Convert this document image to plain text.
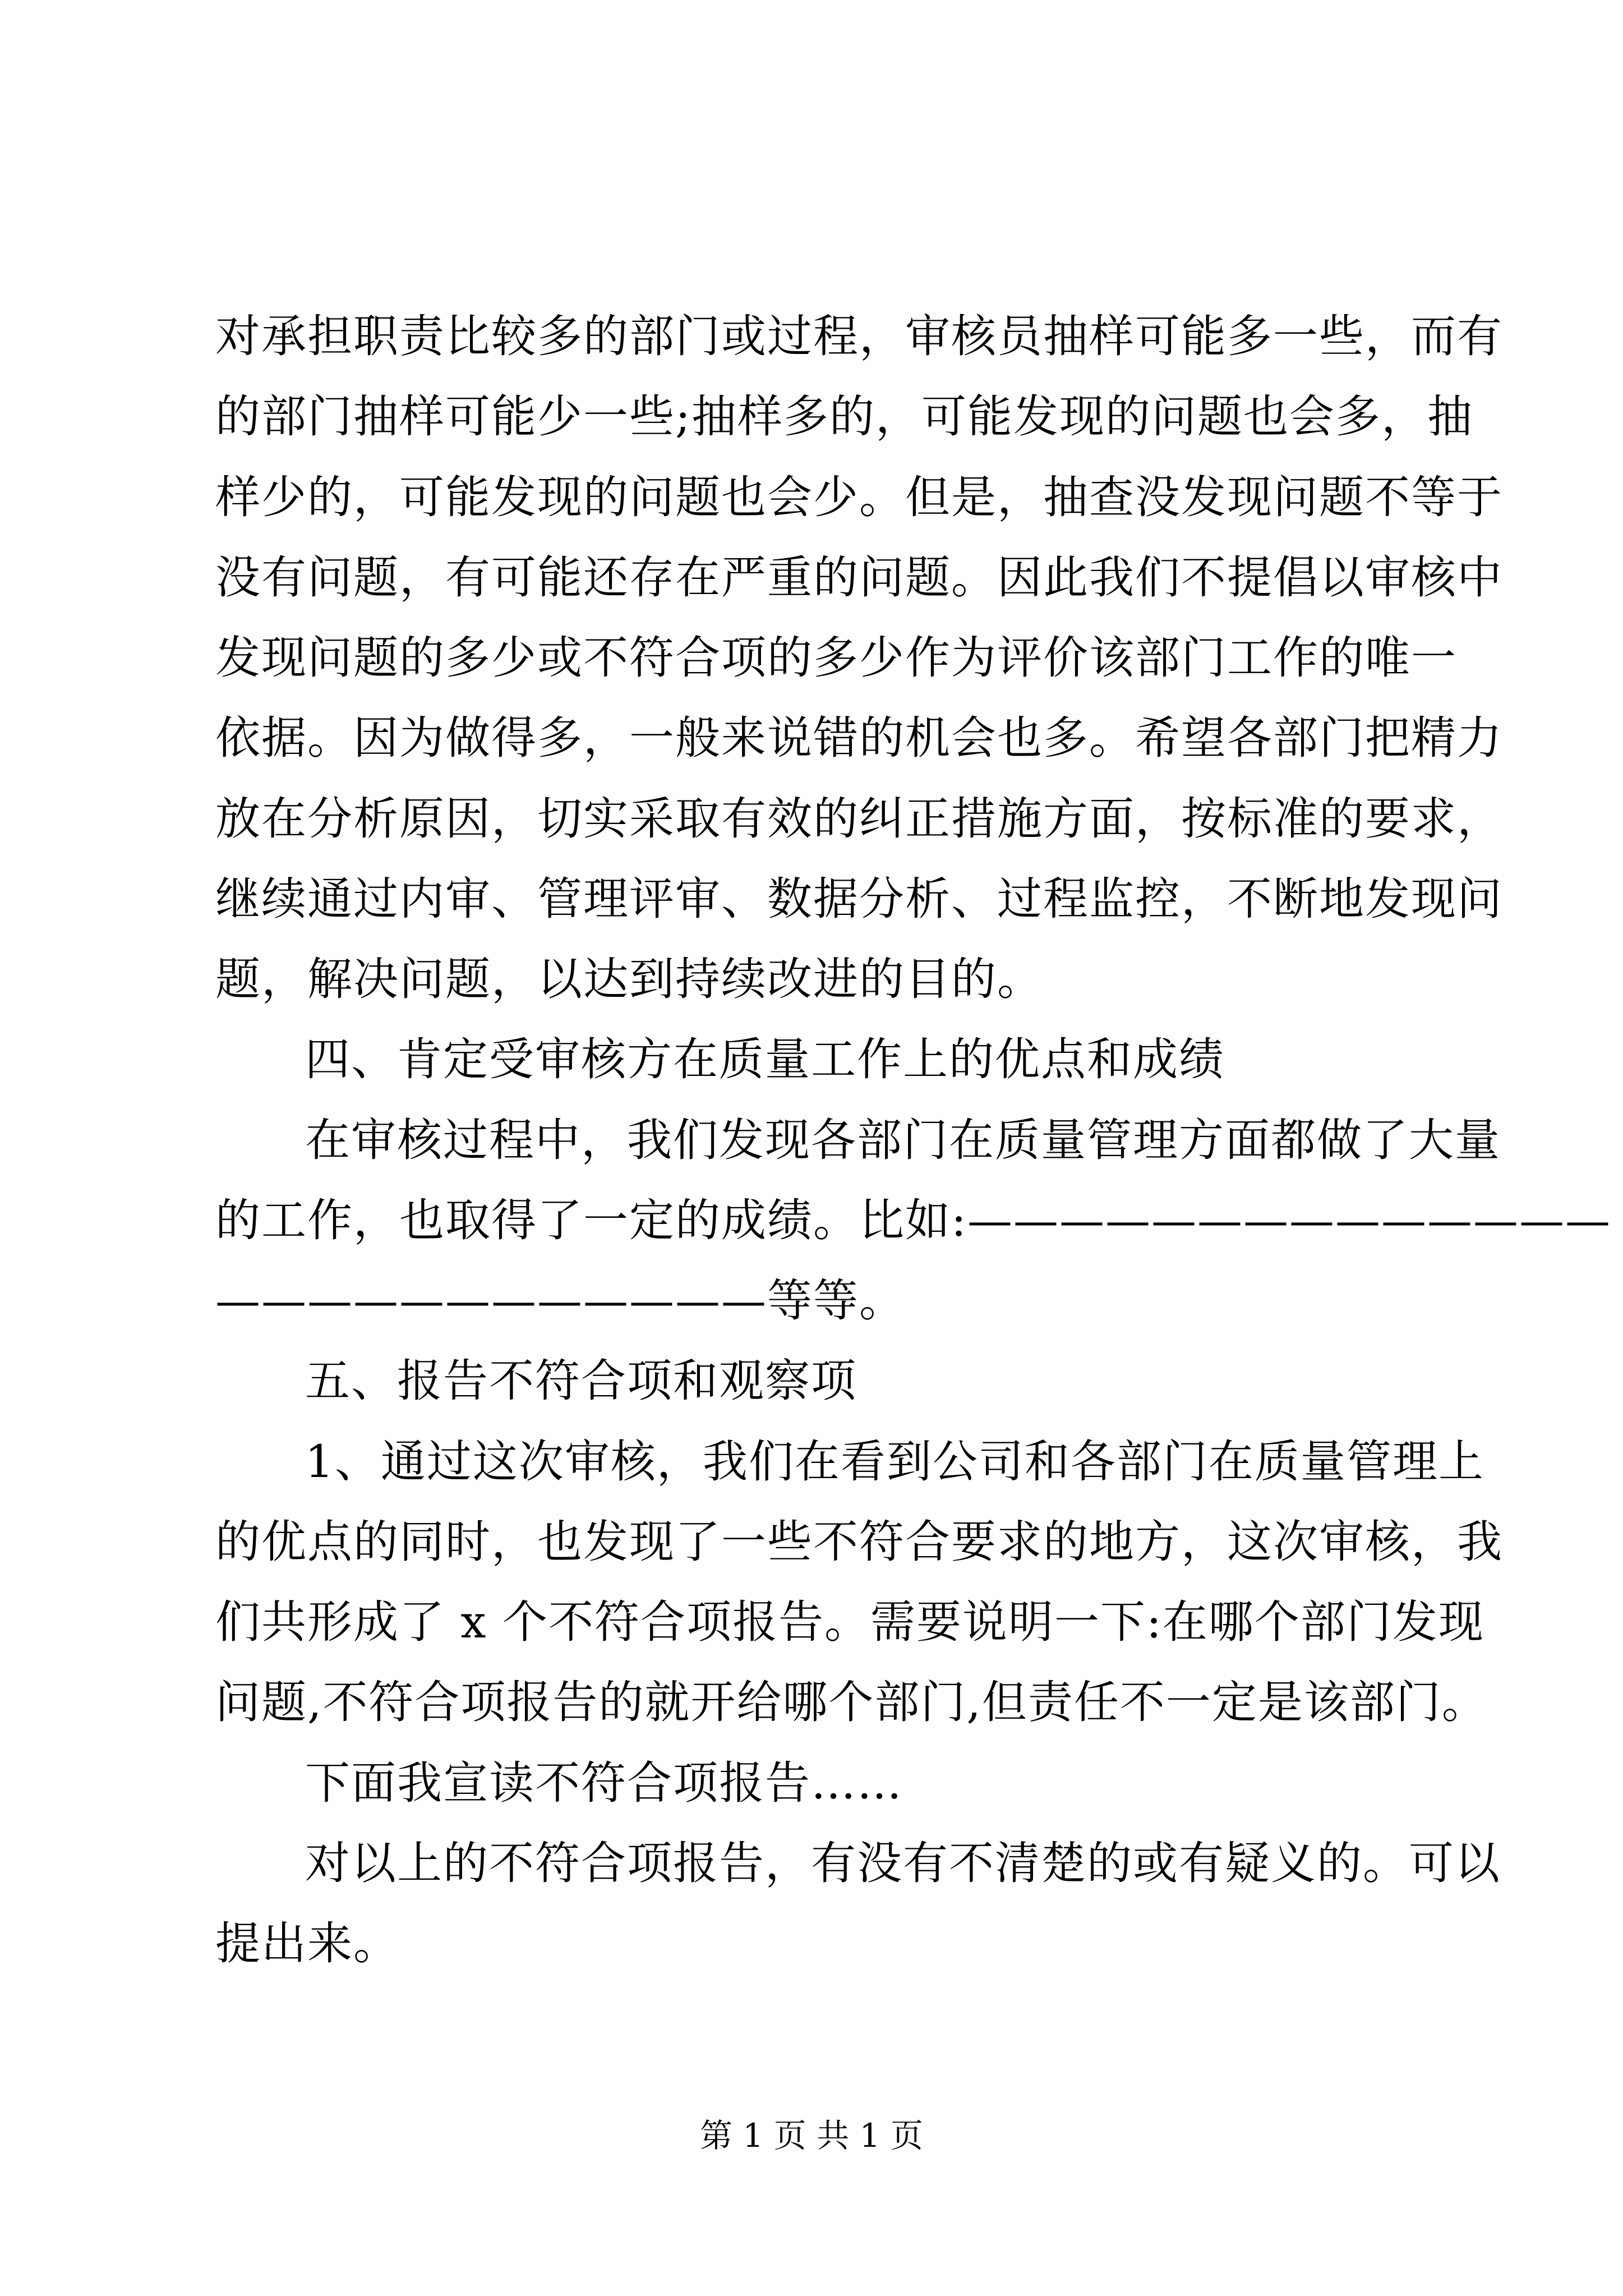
对承担职责比较多的部门或过程，审核员抽样可能多一些，而有
的部门抽样可能少一些;抽样多的，可能发现的问题也会多，抽
样少的，可能发现的问题也会少。但是，抽查没发现问题不等于
没有问题，有可能还存在严重的问题。因此我们不提倡以审核中
发现问题的多少或不符合项的多少作为评价该部门工作的唯一
依据。因为做得多，一般来说错的机会也多。希望各部门把精力
放在分析原因，切实采取有效的纠正措施方面，按标准的要求，
继续通过内审、管理评审、数据分析、过程监控，不断地发现问
题，解决问题，以达到持续改进的目的。
四、肯定受审核方在质量工作上的优点和成绩
在审核过程中，我们发现各部门在质量管理方面都做了大量
的工作，也取得了一定的成绩。比如:——————————————
————————————等等。
五、报告不符合项和观察项
1、通过这次审核，我们在看到公司和各部门在质量管理上
的优点的同时，也发现了一些不符合要求的地方，这次审核，我
们共形成了 x 个不符合项报告。需要说明一下:在哪个部门发现
问题,不符合项报告的就开给哪个部门,但责任不一定是该部门。
下面我宣读不符合项报告……
对以上的不符合项报告，有没有不清楚的或有疑义的。可以
提出来。
第 1 页 共 1 页
